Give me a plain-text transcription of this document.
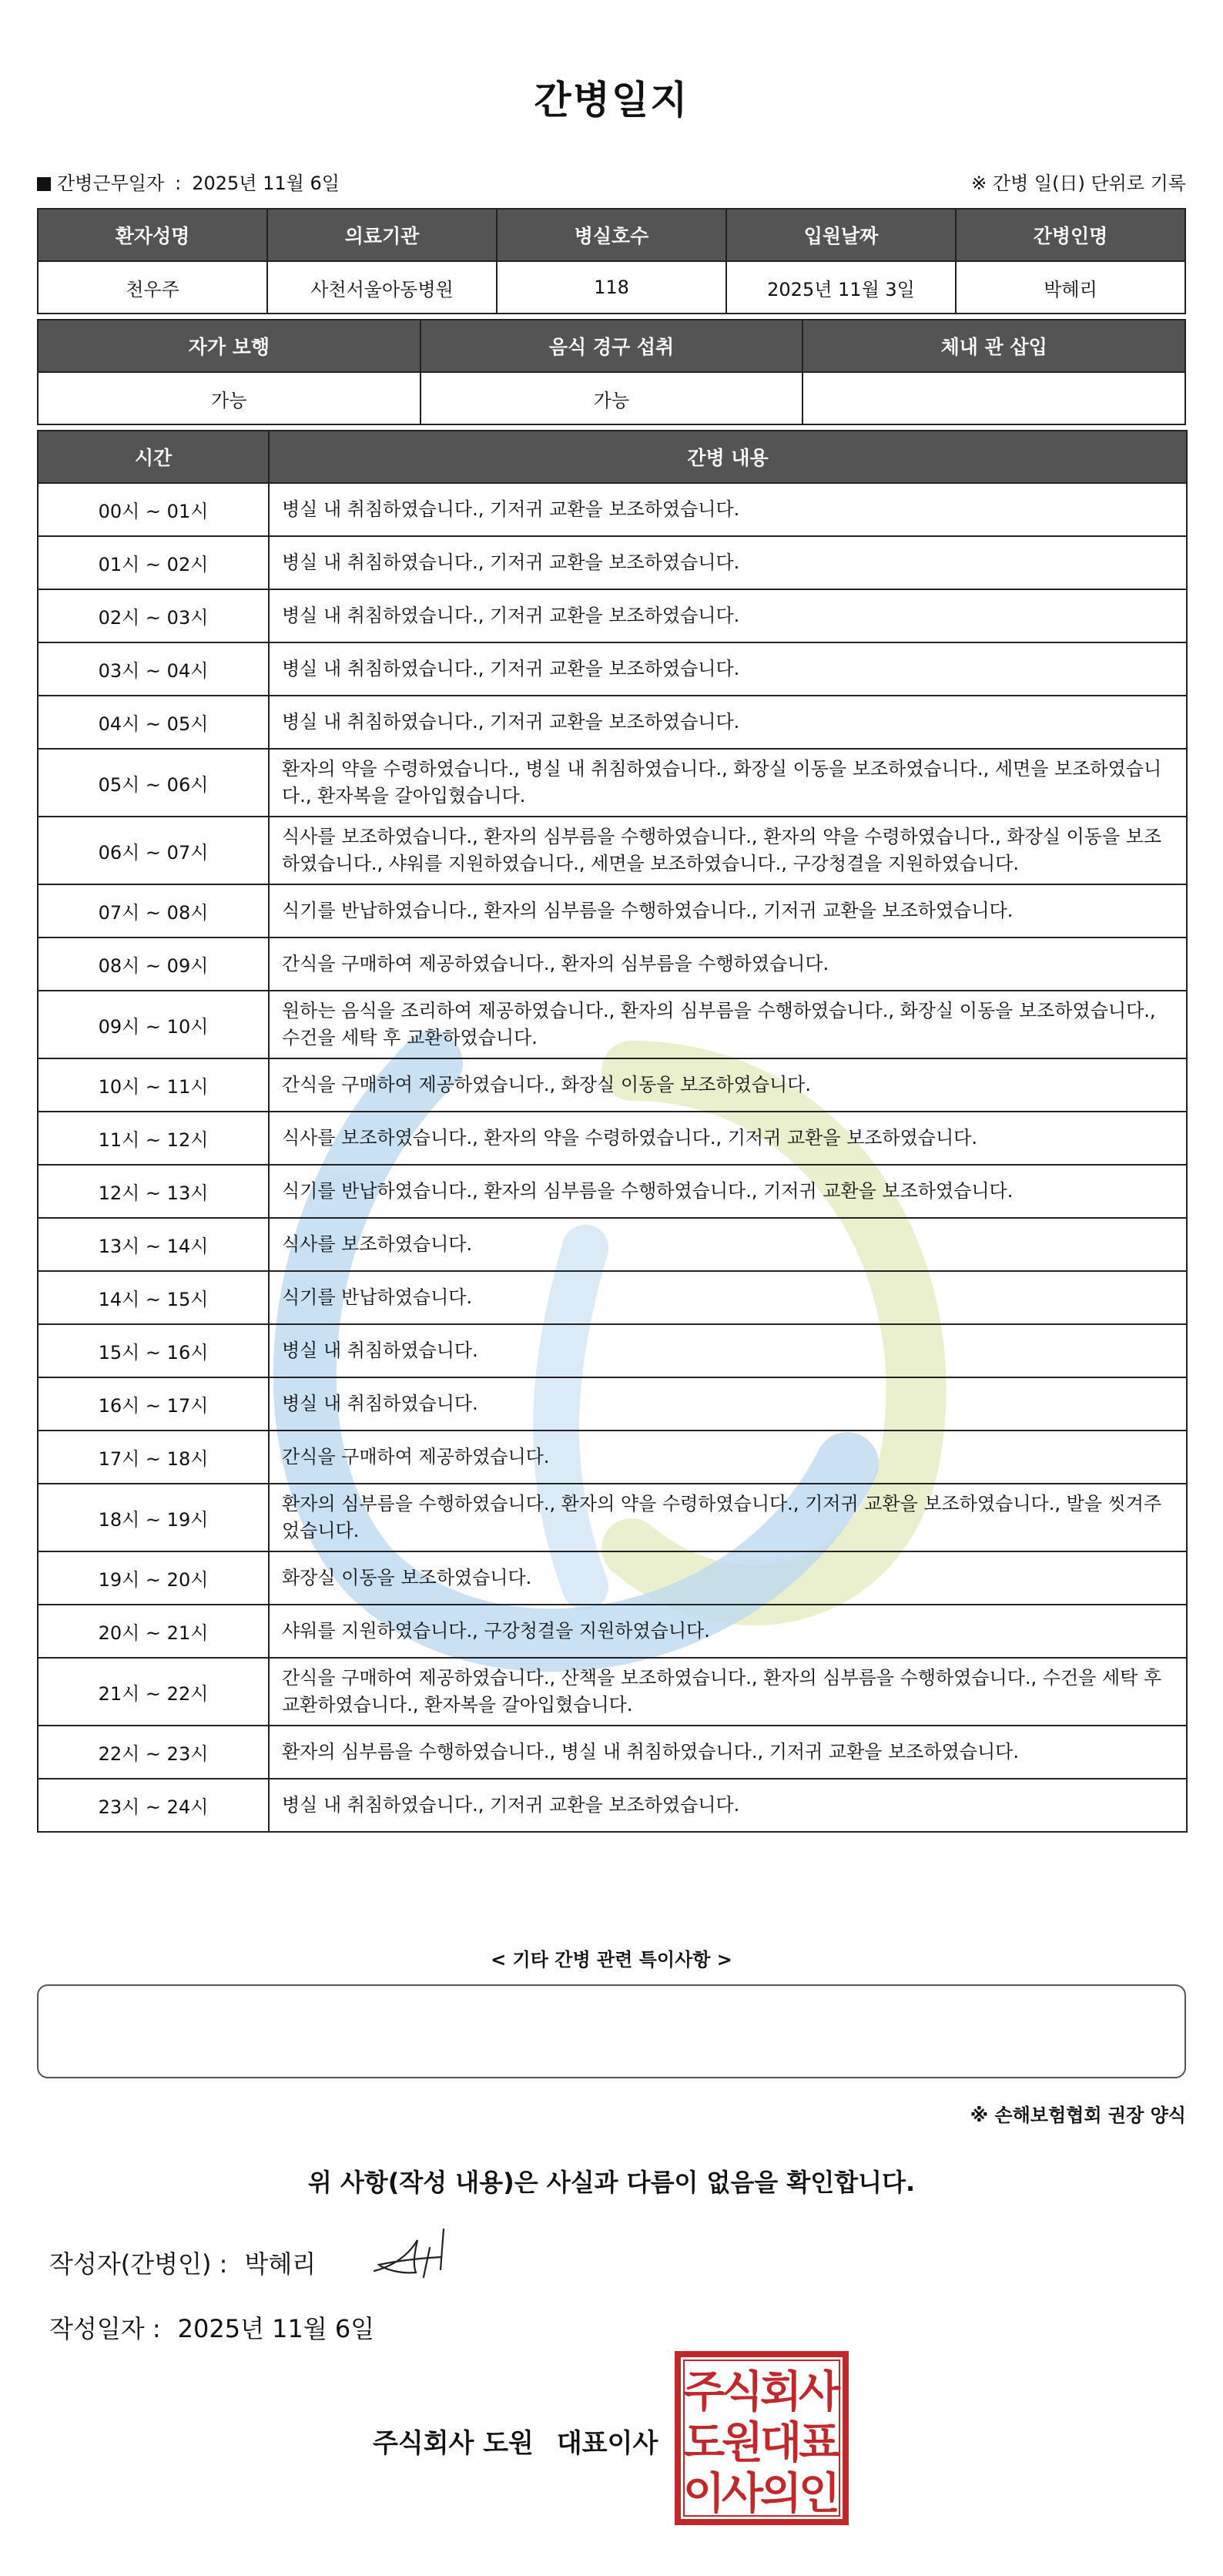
간병일지
간병근무일자 : 2025년 11월 6일	※ 간병 일(日) 단위로 기록
환자성명	의료기관	병실호수	입원날짜	간병인명
천우주	사천서울아동병원	118	2025년 11월 3일	박혜리
자가 보행	음식 경구 섭취	체내 관 삽입
가능	가능	
시간	간병 내용
00시 ~ 01시	병실 내 취침하였습니다., 기저귀 교환을 보조하였습니다.
01시 ~ 02시	병실 내 취침하였습니다., 기저귀 교환을 보조하였습니다.
02시 ~ 03시	병실 내 취침하였습니다., 기저귀 교환을 보조하였습니다.
03시 ~ 04시	병실 내 취침하였습니다., 기저귀 교환을 보조하였습니다.
04시 ~ 05시	병실 내 취침하였습니다., 기저귀 교환을 보조하였습니다.
05시 ~ 06시	환자의 약을 수령하였습니다., 병실 내 취침하였습니다., 화장실 이동을 보조하였습니다., 세면을 보조하였습니다., 환자복을 갈아입혔습니다.
06시 ~ 07시	식사를 보조하였습니다., 환자의 심부름을 수행하였습니다., 환자의 약을 수령하였습니다., 화장실 이동을 보조하였습니다., 샤워를 지원하였습니다., 세면을 보조하였습니다., 구강청결을 지원하였습니다.
07시 ~ 08시	식기를 반납하였습니다., 환자의 심부름을 수행하였습니다., 기저귀 교환을 보조하였습니다.
08시 ~ 09시	간식을 구매하여 제공하였습니다., 환자의 심부름을 수행하였습니다.
09시 ~ 10시	원하는 음식을 조리하여 제공하였습니다., 환자의 심부름을 수행하였습니다., 화장실 이동을 보조하였습니다., 수건을 세탁 후 교환하였습니다.
10시 ~ 11시	간식을 구매하여 제공하였습니다., 화장실 이동을 보조하였습니다.
11시 ~ 12시	식사를 보조하였습니다., 환자의 약을 수령하였습니다., 기저귀 교환을 보조하였습니다.
12시 ~ 13시	식기를 반납하였습니다., 환자의 심부름을 수행하였습니다., 기저귀 교환을 보조하였습니다.
13시 ~ 14시	식사를 보조하였습니다.
14시 ~ 15시	식기를 반납하였습니다.
15시 ~ 16시	병실 내 취침하였습니다.
16시 ~ 17시	병실 내 취침하였습니다.
17시 ~ 18시	간식을 구매하여 제공하였습니다.
18시 ~ 19시	환자의 심부름을 수행하였습니다., 환자의 약을 수령하였습니다., 기저귀 교환을 보조하였습니다., 발을 씻겨주었습니다.
19시 ~ 20시	화장실 이동을 보조하였습니다.
20시 ~ 21시	샤워를 지원하였습니다., 구강청결을 지원하였습니다.
21시 ~ 22시	간식을 구매하여 제공하였습니다., 산책을 보조하였습니다., 환자의 심부름을 수행하였습니다., 수건을 세탁 후 교환하였습니다., 환자복을 갈아입혔습니다.
22시 ~ 23시	환자의 심부름을 수행하였습니다., 병실 내 취침하였습니다., 기저귀 교환을 보조하였습니다.
23시 ~ 24시	병실 내 취침하였습니다., 기저귀 교환을 보조하였습니다.
< 기타 간병 관련 특이사항 >
※ 손해보험협회 권장 양식
위 사항(작성 내용)은 사실과 다름이 없음을 확인합니다.
작성자(간병인) : 박혜리
작성일자 : 2025년 11월 6일
주식회사 도원 대표이사
주
식
회
사
도
원
대
표
이
사
의
인
